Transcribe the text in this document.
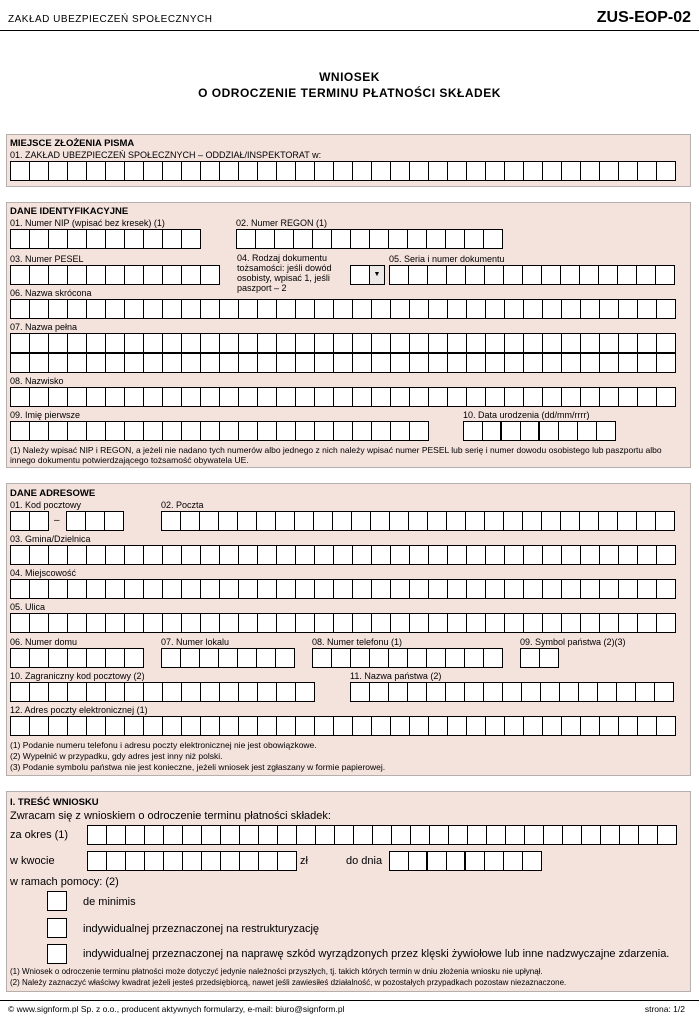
ZAKŁAD UBEZPIECZEŃ SPOŁECZNYCH	ZUS-EOP-02
WNIOSEK
O ODROCZENIE TERMINU PŁATNOŚCI SKŁADEK
MIEJSCE ZŁOŻENIA PISMA
01. ZAKŁAD UBEZPIECZEŃ SPOŁECZNYCH – ODDZIAŁ/INSPEKTORAT w:
DANE IDENTYFIKACYJNE
01. Numer NIP (wpisać bez kresek) (1)	02. Numer REGON (1)
03. Numer PESEL	04. Rodzaj dokumentu tożsamości: jeśli dowód osobisty, wpisać 1, jeśli paszport – 2
▼
05. Seria i numer dokumentu
06. Nazwa skrócona
07. Nazwa pełna
08. Nazwisko
09. Imię pierwsze	10. Data urodzenia (dd/mm/rrrr)
(1) Należy wpisać NIP i REGON, a jeżeli nie nadano tych numerów albo jednego z nich należy wpisać numer PESEL lub serię i numer dowodu osobistego lub paszportu albo innego dokumentu potwierdzającego tożsamość obywatela UE.
DANE ADRESOWE
01. Kod pocztowy
–
02. Poczta
03. Gmina/Dzielnica
04. Miejscowość
05. Ulica
06. Numer domu	07. Numer lokalu	08. Numer telefonu (1)	09. Symbol państwa (2)(3)
10. Zagraniczny kod pocztowy (2)	11. Nazwa państwa (2)
12. Adres poczty elektronicznej (1)
(1) Podanie numeru telefonu i adresu poczty elektronicznej nie jest obowiązkowe.
(2) Wypełnić w przypadku, gdy adres jest inny niż polski.
(3) Podanie symbolu państwa nie jest konieczne, jeżeli wniosek jest zgłaszany w formie papierowej.
I. TREŚĆ WNIOSKU
Zwracam się z wnioskiem o odroczenie terminu płatności składek:
za okres (1)
w kwocie	zł	do dnia
w ramach pomocy: (2)
de minimis
indywidualnej przeznaczonej na restrukturyzację
indywidualnej przeznaczonej na naprawę szkód wyrządzonych przez klęski żywiołowe lub inne nadzwyczajne zdarzenia.
(1) Wniosek o odroczenie terminu płatności może dotyczyć jedynie należności przyszłych, tj. takich których termin w dniu złożenia wniosku nie upłynął.
(2) Należy zaznaczyć właściwy kwadrat jeżeli jesteś przedsiębiorcą, nawet jeśli zawiesiłeś działalność, w pozostałych przypadkach pozostaw niezaznaczone.
© www.signform.pl Sp. z o.o., producent aktywnych formularzy, e-mail: biuro@signform.pl	strona: 1/2
